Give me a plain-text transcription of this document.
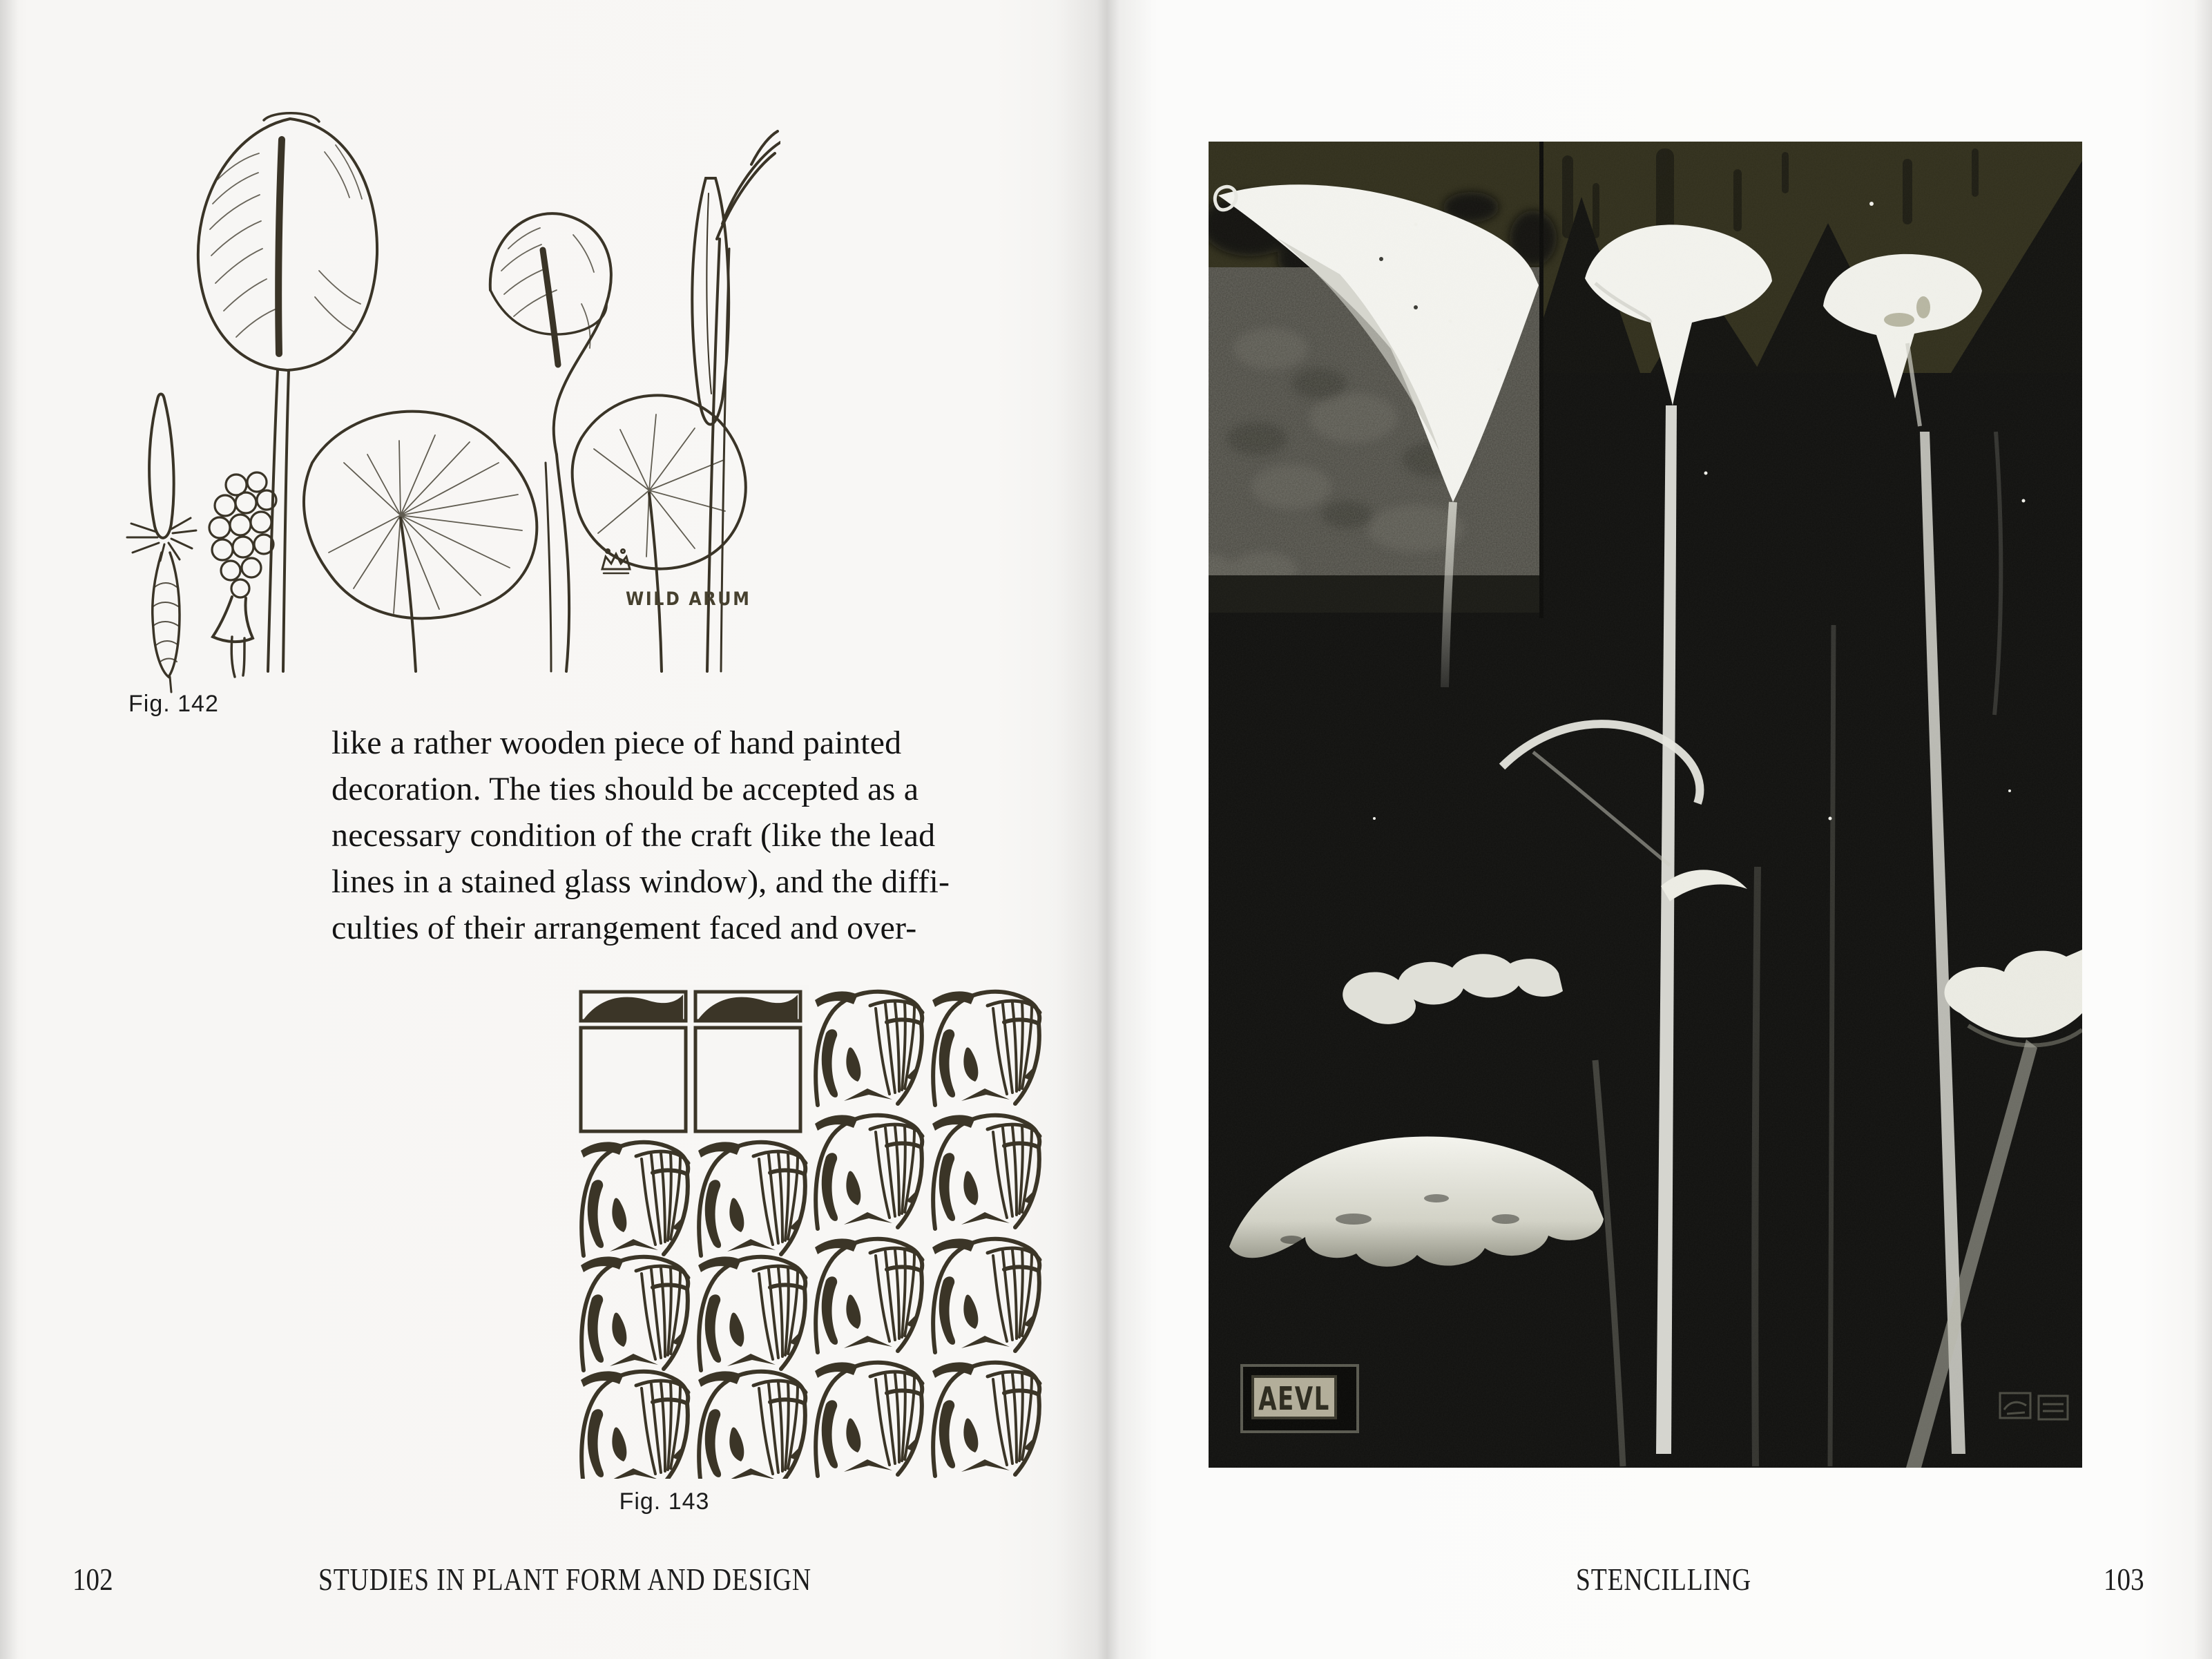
WILD ARUM
Fig. 142
like a rather wooden piece of hand painted
decoration. The ties should be accepted as a
necessary condition of the craft (like the lead
lines in a stained glass window), and the diffi-
culties of their arrangement faced and over-
Fig. 143
102	STUDIES IN PLANT FORM AND DESIGN
AEVL
STENCILLING	103
